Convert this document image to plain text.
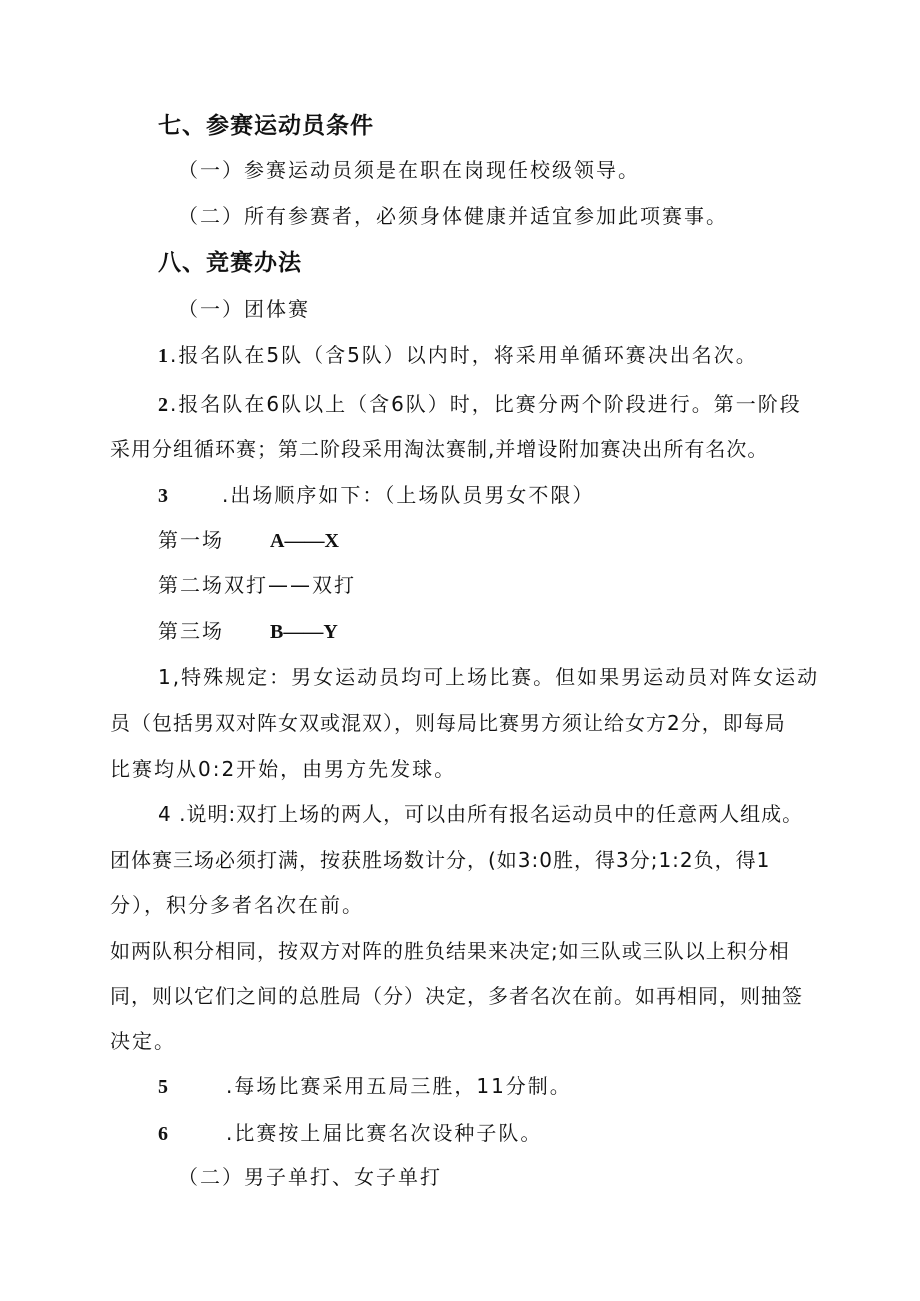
七、参赛运动员条件
（一）参赛运动员须是在职在岗现任校级领导。
（二）所有参赛者，必须身体健康并适宜参加此项赛事。
八、竞赛办法
（一）团体赛
1.报名队在5队（含5队）以内时，将采用单循环赛决出名次。
2.报名队在6队以上（含6队）时，比赛分两个阶段进行。第一阶段
采用分组循环赛；第二阶段采用淘汰赛制,并增设附加赛决出所有名次。
3	.出场顺序如下：（上场队员男女不限）
第一场 A——X
第二场双打——双打
第三场 B——Y
1,特殊规定：男女运动员均可上场比赛。但如果男运动员对阵女运动
员（包括男双对阵女双或混双），则每局比赛男方须让给女方2分，即每局
比赛均从0:2开始，由男方先发球。
4 .说明:双打上场的两人，可以由所有报名运动员中的任意两人组成。
团体赛三场必须打满，按获胜场数计分，(如3:0胜，得3分;1:2负，得1
分），积分多者名次在前。
如两队积分相同，按双方对阵的胜负结果来决定;如三队或三队以上积分相
同，则以它们之间的总胜局（分）决定，多者名次在前。如再相同，则抽签
决定。
5	.每场比赛采用五局三胜，11分制。
6	.比赛按上届比赛名次设种子队。
（二）男子单打、女子单打
